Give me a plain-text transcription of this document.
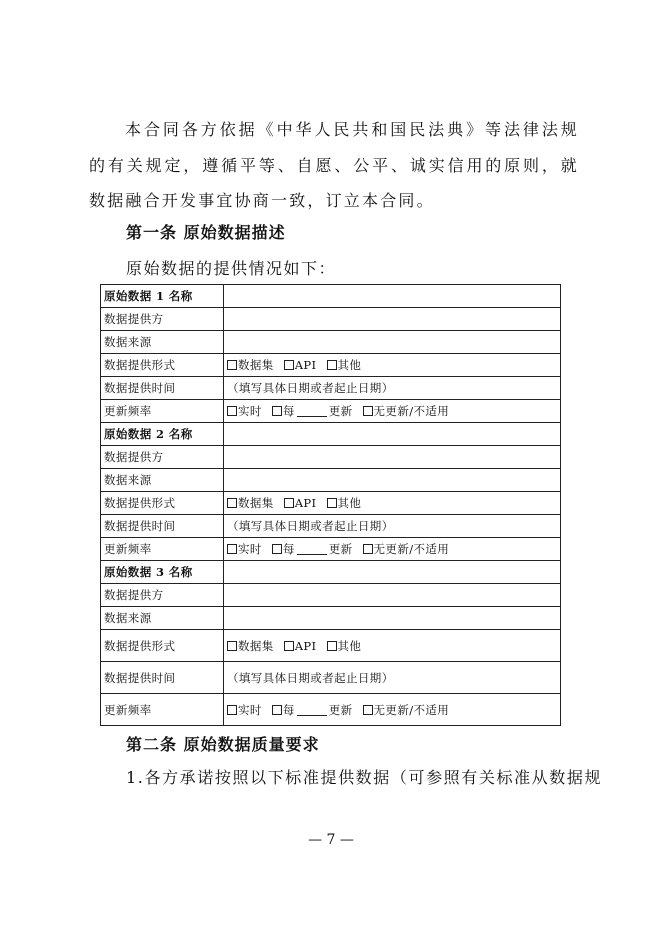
本合同各方依据《中华人民共和国民法典》等法律法规的有关规定，遵循平等、自愿、公平、诚实信用的原则，就数据融合开发事宜协商一致，订立本合同。

第一条 原始数据描述

原始数据的提供情况如下：

原始数据 1 名称	
数据提供方	
数据来源	
数据提供形式	数据集 API 其他
数据提供时间	（填写具体日期或者起止日期）
更新频率	实时 每 更新 无更新/不适用
原始数据 2 名称	
数据提供方	
数据来源	
数据提供形式	数据集 API 其他
数据提供时间	（填写具体日期或者起止日期）
更新频率	实时 每 更新 无更新/不适用
原始数据 3 名称	
数据提供方	
数据来源	
数据提供形式	数据集 API 其他
数据提供时间	（填写具体日期或者起止日期）
更新频率	实时 每 更新 无更新/不适用

第二条 原始数据质量要求

1.各方承诺按照以下标准提供数据（可参照有关标准从数据规

— 7 —
